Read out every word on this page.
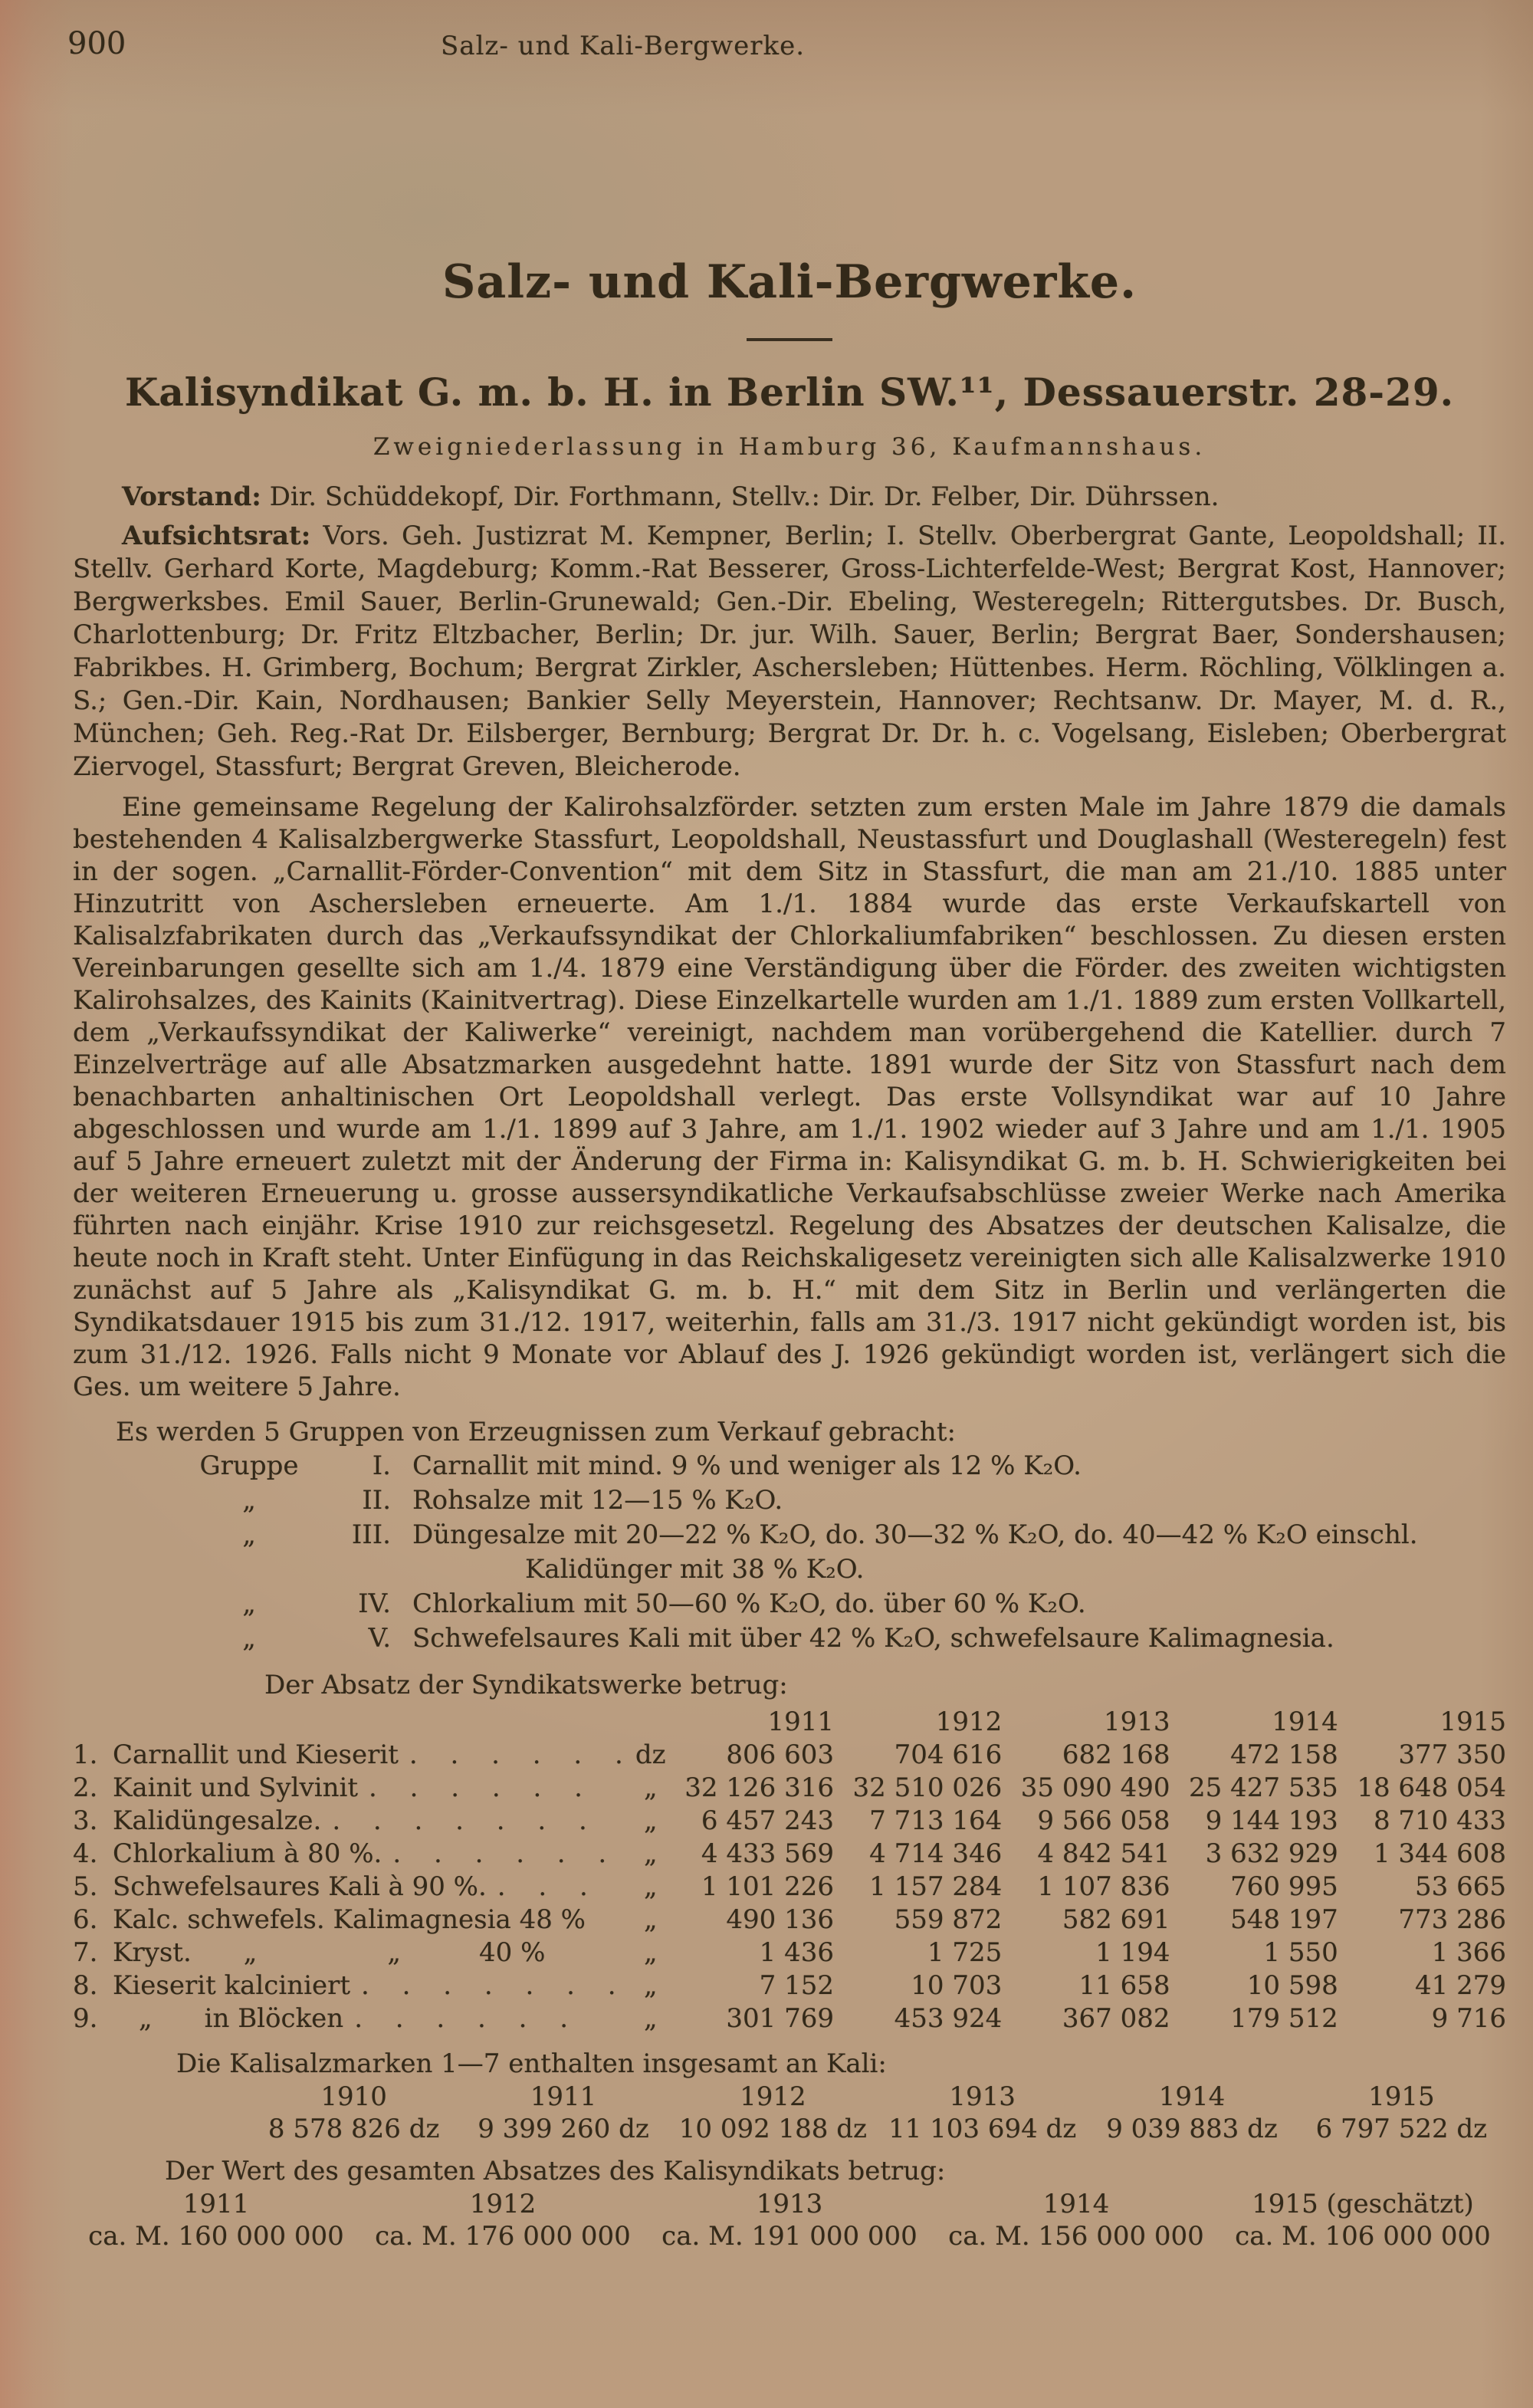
900	Salz- und Kali-Bergwerke.
Salz- und Kali-Bergwerke.
Kalisyndikat G. m. b. H. in Berlin SW.¹¹, Dessauerstr. 28-29.
Zweigniederlassung in Hamburg 36, Kaufmannshaus.

Vorstand: Dir. Schüddekopf, Dir. Forthmann, Stellv.: Dir. Dr. Felber, Dir. Dührssen.

Aufsichtsrat: Vors. Geh. Justizrat M. Kempner, Berlin; I. Stellv. Oberbergrat Gante, Leopoldshall; II. Stellv. Gerhard Korte, Magdeburg; Komm.-Rat Besserer, Gross-Lichterfelde-West; Bergrat Kost, Hannover; Bergwerksbes. Emil Sauer, Berlin-Grunewald; Gen.-Dir. Ebeling, Westeregeln; Rittergutsbes. Dr. Busch, Charlottenburg; Dr. Fritz Eltzbacher, Berlin; Dr. jur. Wilh. Sauer, Berlin; Bergrat Baer, Sondershausen; Fabrikbes. H. Grimberg, Bochum; Bergrat Zirkler, Aschersleben; Hüttenbes. Herm. Röchling, Völklingen a. S.; Gen.-Dir. Kain, Nordhausen; Bankier Selly Meyerstein, Hannover; Rechtsanw. Dr. Mayer, M. d. R., München; Geh. Reg.-Rat Dr. Eilsberger, Bernburg; Bergrat Dr. Dr. h. c. Vogelsang, Eisleben; Oberbergrat Ziervogel, Stassfurt; Bergrat Greven, Bleicherode.

Eine gemeinsame Regelung der Kalirohsalzförder. setzten zum ersten Male im Jahre 1879 die damals bestehenden 4 Kalisalzbergwerke Stassfurt, Leopoldshall, Neustassfurt und Douglashall (Westeregeln) fest in der sogen. „Carnallit-Förder-Convention“ mit dem Sitz in Stassfurt, die man am 21./10. 1885 unter Hinzutritt von Aschersleben erneuerte. Am 1./1. 1884 wurde das erste Verkaufskartell von Kalisalzfabrikaten durch das „Verkaufssyndikat der Chlorkaliumfabriken“ beschlossen. Zu diesen ersten Vereinbarungen gesellte sich am 1./4. 1879 eine Verständigung über die Förder. des zweiten wichtigsten Kalirohsalzes, des Kainits (Kainitvertrag). Diese Einzelkartelle wurden am 1./1. 1889 zum ersten Vollkartell, dem „Verkaufssyndikat der Kaliwerke“ vereinigt, nachdem man vorübergehend die Katellier. durch 7 Einzelverträge auf alle Absatzmarken ausgedehnt hatte. 1891 wurde der Sitz von Stassfurt nach dem benachbarten anhaltinischen Ort Leopoldshall verlegt. Das erste Vollsyndikat war auf 10 Jahre abgeschlossen und wurde am 1./1. 1899 auf 3 Jahre, am 1./1. 1902 wieder auf 3 Jahre und am 1./1. 1905 auf 5 Jahre erneuert zuletzt mit der Änderung der Firma in: Kalisyndikat G. m. b. H. Schwierigkeiten bei der weiteren Erneuerung u. grosse aussersyndikatliche Verkaufsabschlüsse zweier Werke nach Amerika führten nach einjähr. Krise 1910 zur reichsgesetzl. Regelung des Absatzes der deutschen Kalisalze, die heute noch in Kraft steht. Unter Einfügung in das Reichskaligesetz vereinigten sich alle Kalisalzwerke 1910 zunächst auf 5 Jahre als „Kalisyndikat G. m. b. H.“ mit dem Sitz in Berlin und verlängerten die Syndikatsdauer 1915 bis zum 31./12. 1917, weiterhin, falls am 31./3. 1917 nicht gekündigt worden ist, bis zum 31./12. 1926. Falls nicht 9 Monate vor Ablauf des J. 1926 gekündigt worden ist, verlängert sich die Ges. um weitere 5 Jahre.

Es werden 5 Gruppen von Erzeugnissen zum Verkauf gebracht:

Gruppe	I. Carnallit mit mind. 9 % und weniger als 12 % K₂O.
„	II. Rohsalze mit 12—15 % K₂O.
„	III. Düngesalze mit 20—22 % K₂O, do. 30—32 % K₂O, do. 40—42 % K₂O einschl.
Kalidünger mit 38 % K₂O.
„	IV. Chlorkalium mit 50—60 % K₂O, do. über 60 % K₂O.
„	V. Schwefelsaures Kali mit über 42 % K₂O, schwefelsaure Kalimagnesia.

Der Absatz der Syndikatswerke betrug:

		1911	1912	1913	1914	1915
1. Carnallit und Kieserit . . . . . .	dz	806 603	704 616	682 168	472 158	377 350
2. Kainit und Sylvinit . . . . . .	„	32 126 316	32 510 026	35 090 490	25 427 535	18 648 054
3. Kalidüngesalze. . . . . . . .	„	6 457 243	7 713 164	9 566 058	9 144 193	8 710 433
4. Chlorkalium à 80 %. . . . . . .	„	4 433 569	4 714 346	4 842 541	3 632 929	1 344 608
5. Schwefelsaures Kali à 90 %. . . .	„	1 101 226	1 157 284	1 107 836	760 995	53 665
6. Kalc. schwefels. Kalimagnesia 48 %	„	490 136	559 872	582 691	548 197	773 286
7. Kryst.  „     „   40 %	„	1 436	1 725	1 194	1 550	1 366
8. Kieserit kalciniert . . . . . . .	„	7 152	10 703	11 658	10 598	41 279
9. „  in Blöcken . . . . . .	„	301 769	453 924	367 082	179 512	9 716

Die Kalisalzmarken 1—7 enthalten insgesamt an Kali:

1910	1911	1912	1913	1914	1915
8 578 826 dz	9 399 260 dz	10 092 188 dz 11 103 694 dz	9 039 883 dz	6 797 522 dz

Der Wert des gesamten Absatzes des Kalisyndikats betrug:

1911	1912	1913	1914	1915 (geschätzt)
ca. M. 160 000 000	ca. M. 176 000 000	ca. M. 191 000 000	ca. M. 156 000 000	ca. M. 106 000 000
